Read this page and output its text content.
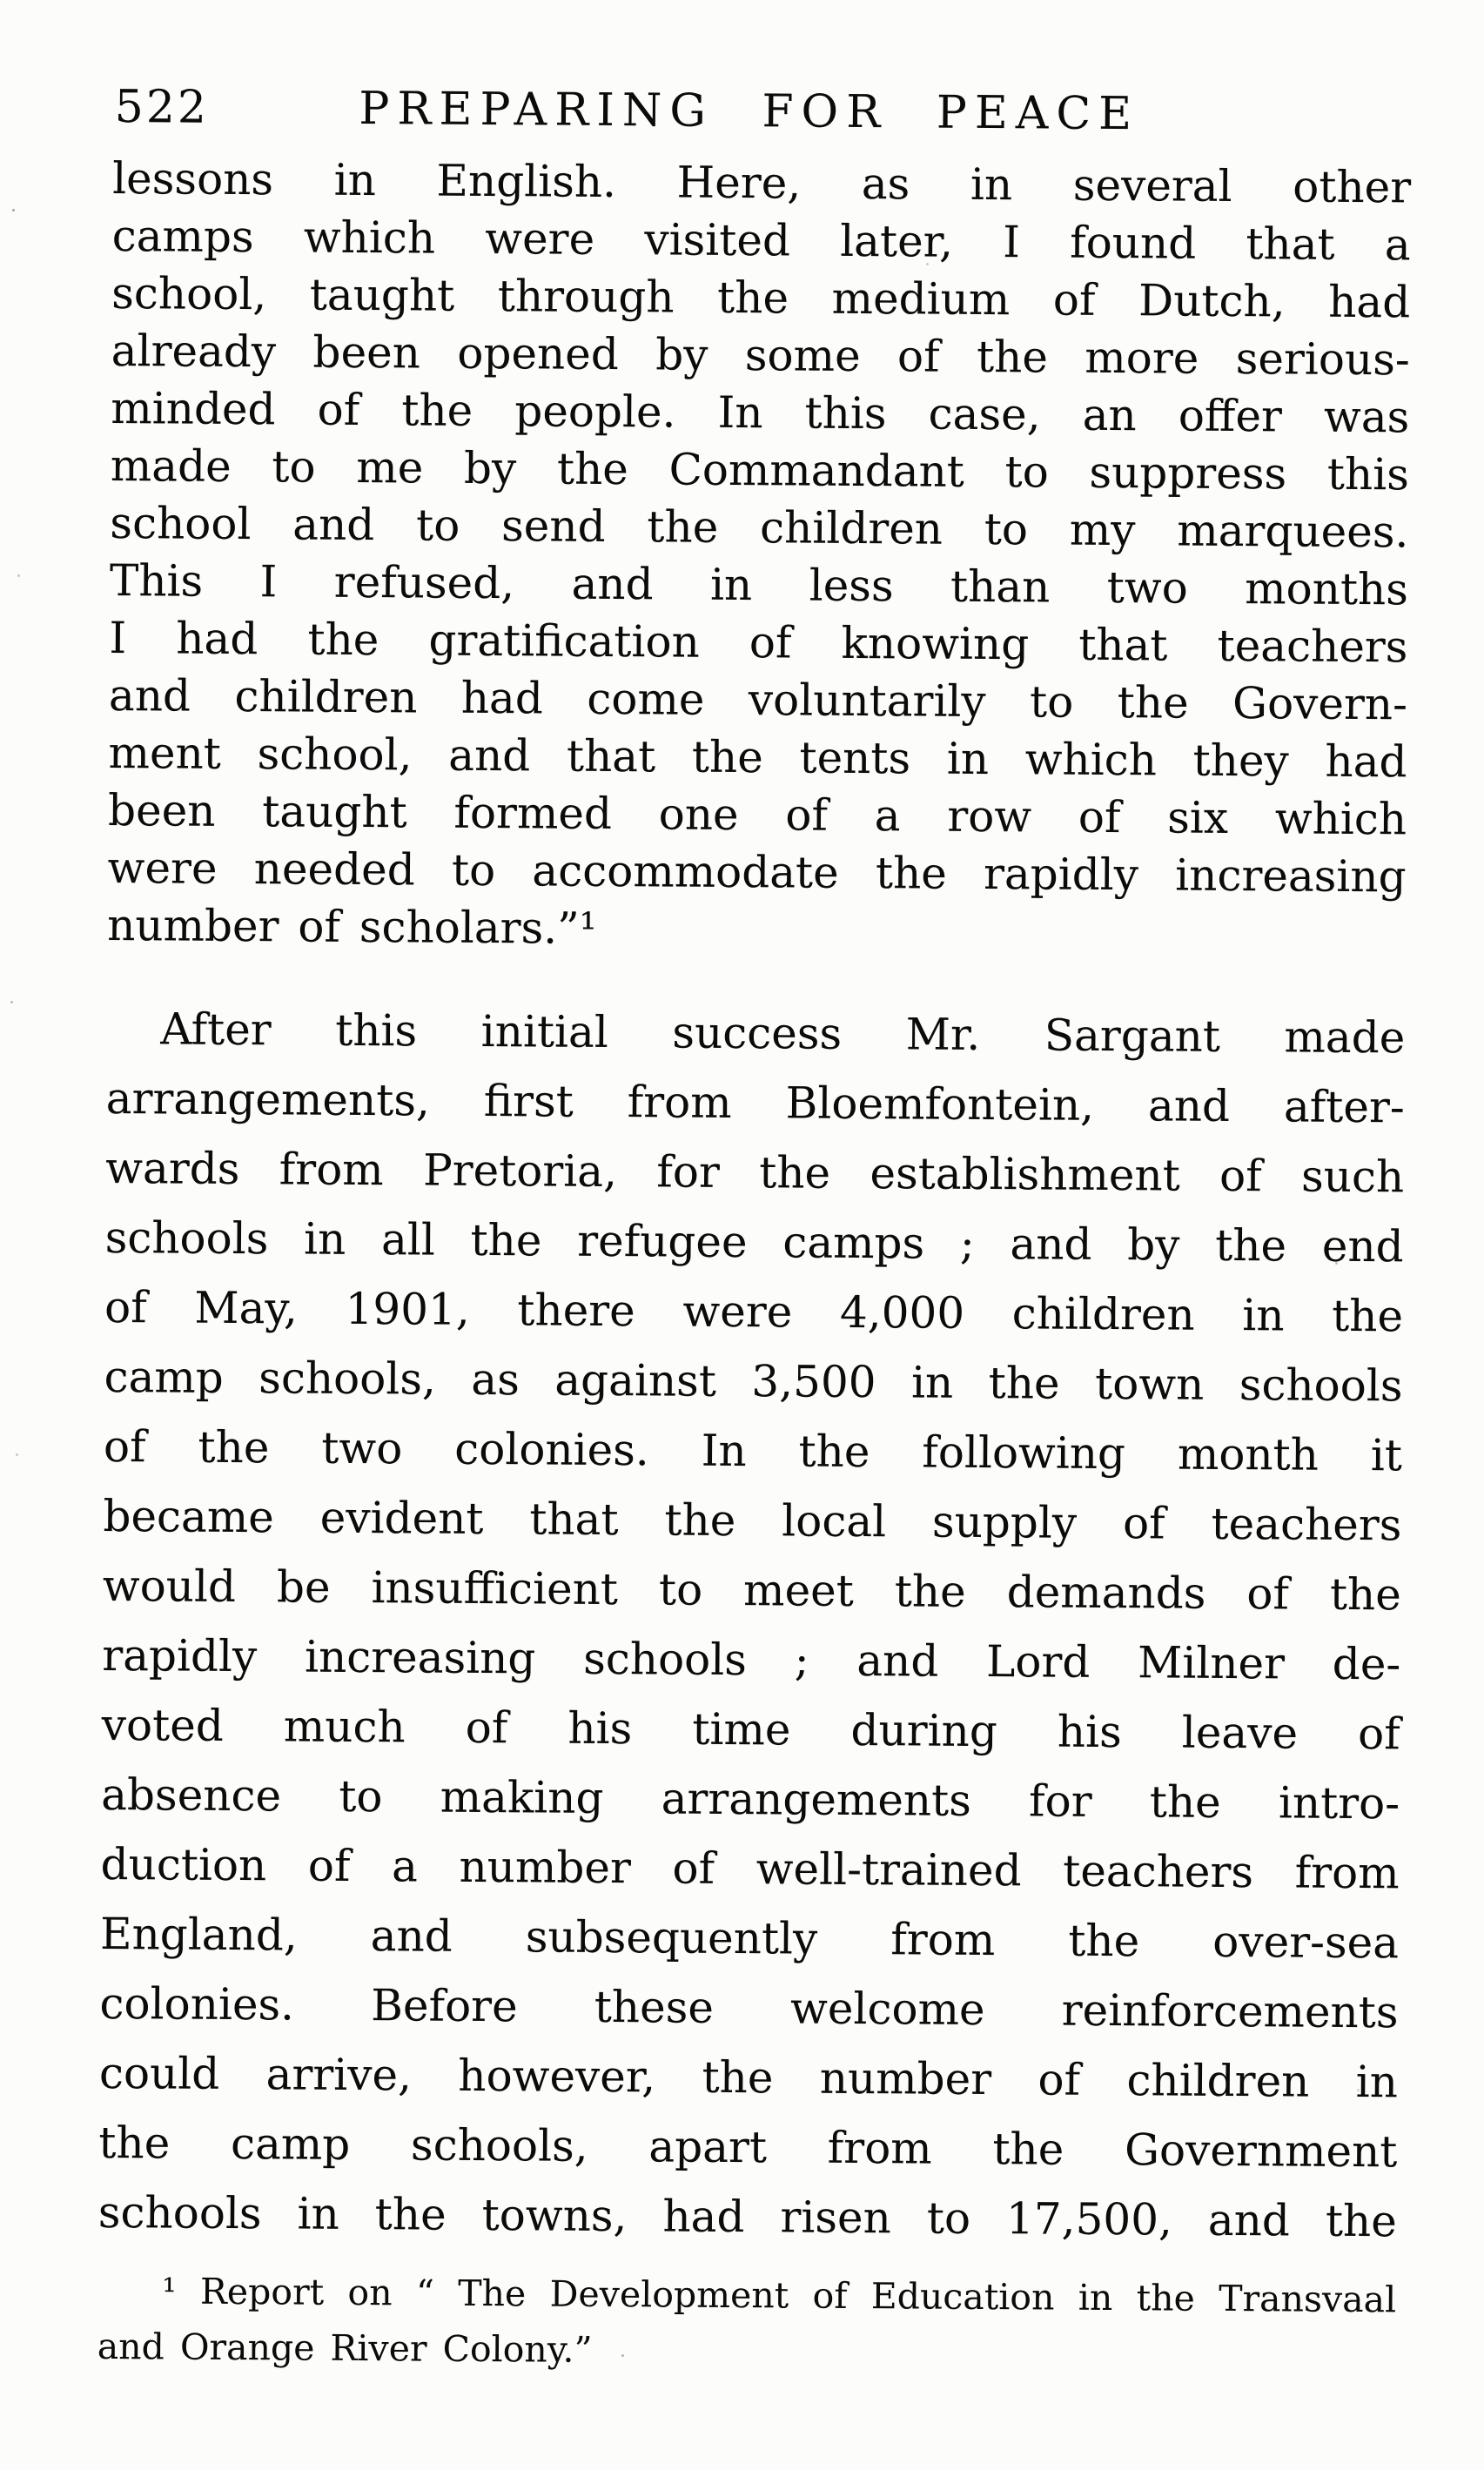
522	PREPARING FOR PEACE
lessons in English. Here, as in several other
camps which were visited later, I found that a
school, taught through the medium of Dutch, had
already been opened by some of the more serious-
minded of the people. In this case, an offer was
made to me by the Commandant to suppress this
school and to send the children to my marquees.
This I refused, and in less than two months
I had the gratification of knowing that teachers
and children had come voluntarily to the Govern-
ment school, and that the tents in which they had
been taught formed one of a row of six which
were needed to accommodate the rapidly increasing
number of scholars.”¹
After this initial success Mr. Sargant made
arrangements, first from Bloemfontein, and after-
wards from Pretoria, for the establishment of such
schools in all the refugee camps ; and by the end
of May, 1901, there were 4,000 children in the
camp schools, as against 3,500 in the town schools
of the two colonies. In the following month it
became evident that the local supply of teachers
would be insufficient to meet the demands of the
rapidly increasing schools ; and Lord Milner de-
voted much of his time during his leave of
absence to making arrangements for the intro-
duction of a number of well-trained teachers from
England, and subsequently from the over-sea
colonies. Before these welcome reinforcements
could arrive, however, the number of children in
the camp schools, apart from the Government
schools in the towns, had risen to 17,500, and the
¹ Report on “ The Development of Education in the Transvaal
and Orange River Colony.”
